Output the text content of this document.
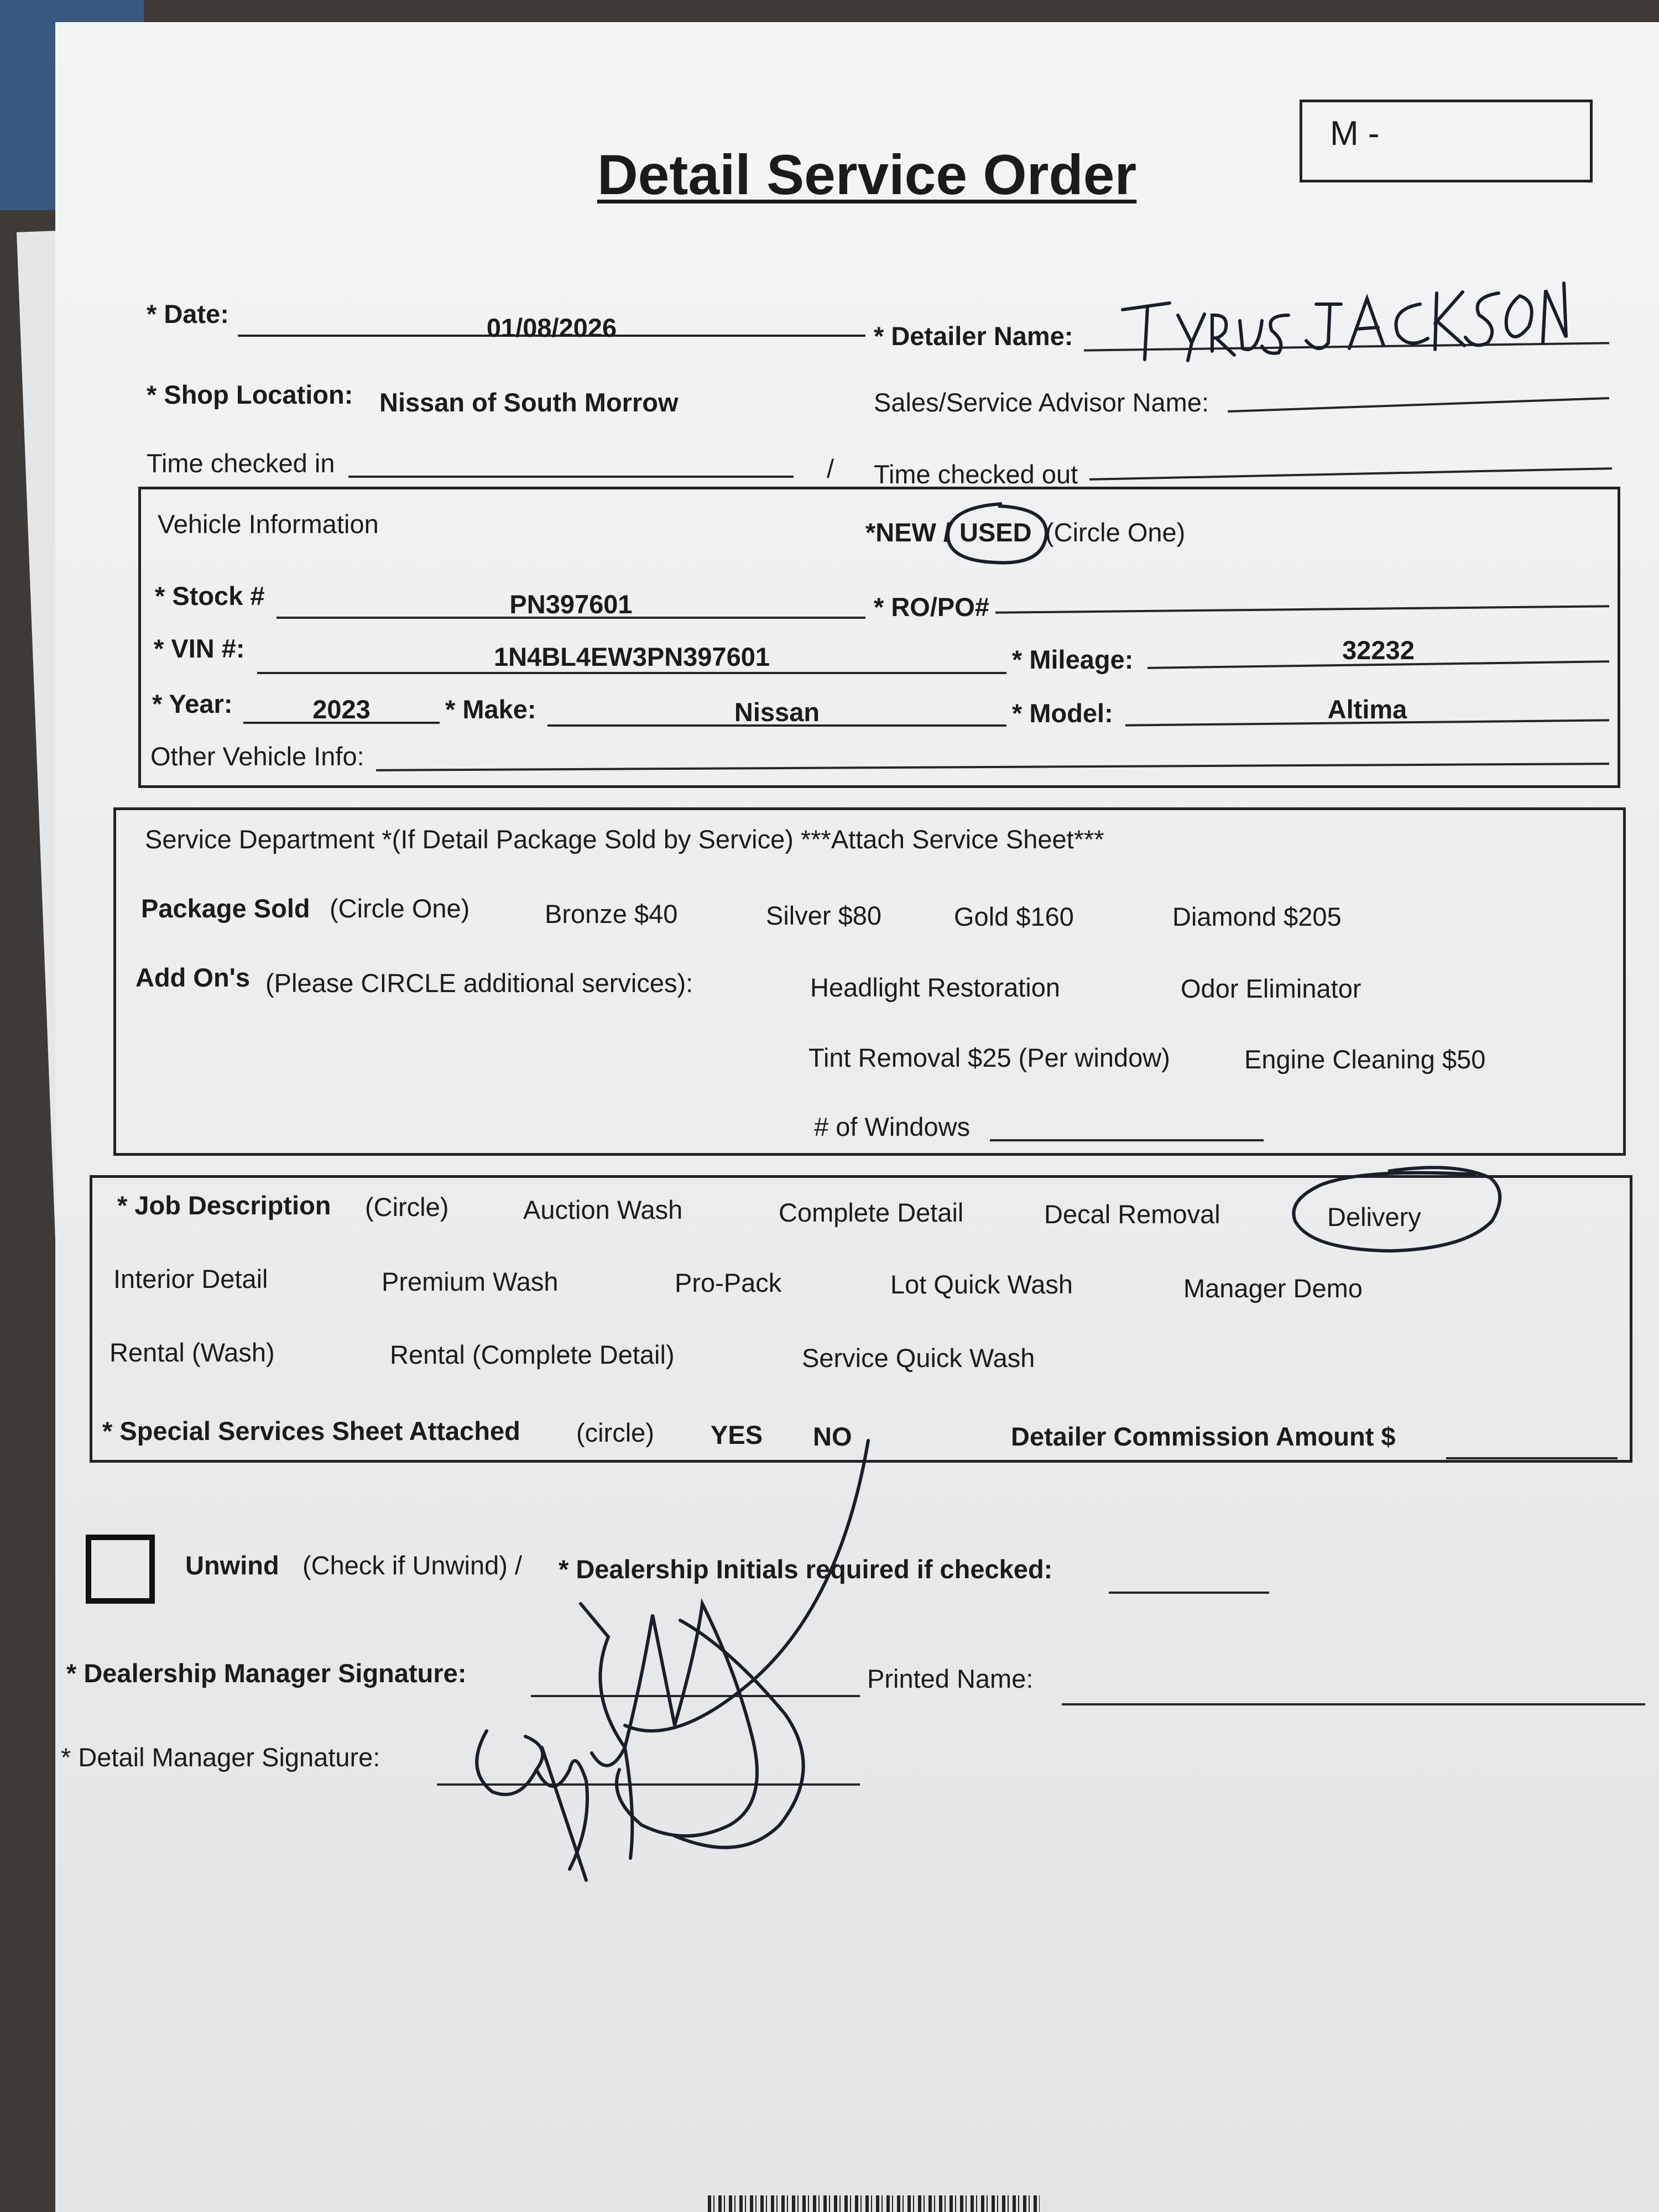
M -
Detail Service Order
* Date:	01/08/2026	* Detailer Name:
* Shop Location: Nissan of South Morrow	Sales/Service Advisor Name:
Time checked in	/ Time checked out
Vehicle Information	*NEW / USED (Circle One)
* Stock #	PN397601	* RO/PO#
* VIN #:	1N4BL4EW3PN397601	* Mileage:	32232
* Year:	2023	* Make:	Nissan	* Model:	Altima
Other Vehicle Info:
Service Department *(If Detail Package Sold by Service) ***Attach Service Sheet***
Package Sold (Circle One)	Bronze $40	Silver $80	Gold $160	Diamond $205
Add On's (Please CIRCLE additional services):	Headlight Restoration	Odor Eliminator
Tint Removal $25 (Per window)	Engine Cleaning $50
# of Windows
* Job Description (Circle)	Auction Wash	Complete Detail	Decal Removal	Delivery
Interior Detail	Premium Wash	Pro-Pack	Lot Quick Wash	Manager Demo
Rental (Wash)	Rental (Complete Detail)	Service Quick Wash
* Special Services Sheet Attached (circle) YES NO	Detailer Commission Amount $
Unwind (Check if Unwind) / * Dealership Initials required if checked:
* Dealership Manager Signature:	Printed Name:
* Detail Manager Signature:
